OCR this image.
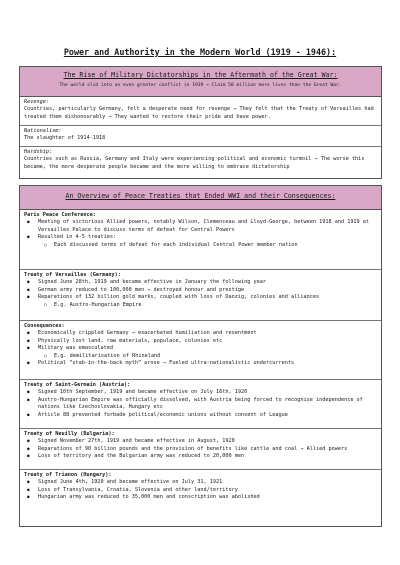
Power and Authority in the Modern World (1919 - 1946):
The Rise of Military Dictatorships in the Aftermath of the Great War:
The world slid into an even greater conflict in 1939 → Claim 50 million more lives than the Great War.
Revenge:
Countries, particularly Germany, felt a desperate need for revenge → They felt that the Treaty of Versailles had treated them dishonourably → They wanted to restore their pride and have power.
Nationalism:
The slaughter of 1914-1918
Hardship:
Countries such as Russia, Germany and Italy were experiencing political and economic turmoil → The worse this became, the more desperate people became and the more willing to embrace dictatorship
An Overview of Peace Treaties that Ended WWI and their Consequences:
Paris Peace Conference:
● Meeting of victorious Allied powers, notably Wilson, Clemenceau and Lloyd-George, between 1918 and 1919 at Versailles Palace to discuss terms of defeat for Central Powers
● Resulted in 4-5 treaties:
○ Each discussed terms of defeat for each individual Central Power member nation
Treaty of Versailles (Germany):
● Signed June 28th, 1919 and became effective in January the following year
● German army reduced to 100,000 men → destroyed honour and prestige
● Reparations of 132 billion gold marks, coupled with loss of Danzig, colonies and alliances
○ E.g. Austro-Hungarian Empire
Consequences:
● Economically crippled Germany → exacerbated humiliation and resentment
● Physically lost land, raw materials, populace, colonies etc
● Military was emasculated
○ E.g. demilitarisation of Rhineland
● Political “stab-in-the-back myth” arose → Fueled ultra-nationalistic undercurrents
Treaty of Saint-Germain (Austria):
● Signed 10th September, 1919 and became effective on July 16th, 1920
● Austro-Hungarian Empire was officially dissolved, with Austria being forced to recognise independence of nations like Czechoslovakia, Hungary etc
● Article 88 prevented forbade political/economic unions without consent of League
Treaty of Neuilly (Bulgaria):
● Signed November 27th, 1919 and became effective in August, 1920
● Reparations of 90 billion pounds and the provision of benefits like cattle and coal → Allied powers
● Loss of territory and the Bulgarian army was reduced to 20,000 men
Treaty of Trianon (Hungary):
● Signed June 4th, 1920 and became effective on July 31, 1921
● Loss of Transylvania, Croatia, Slovenia and other land/territory
● Hungarian army was reduced to 35,000 men and conscription was abolished
